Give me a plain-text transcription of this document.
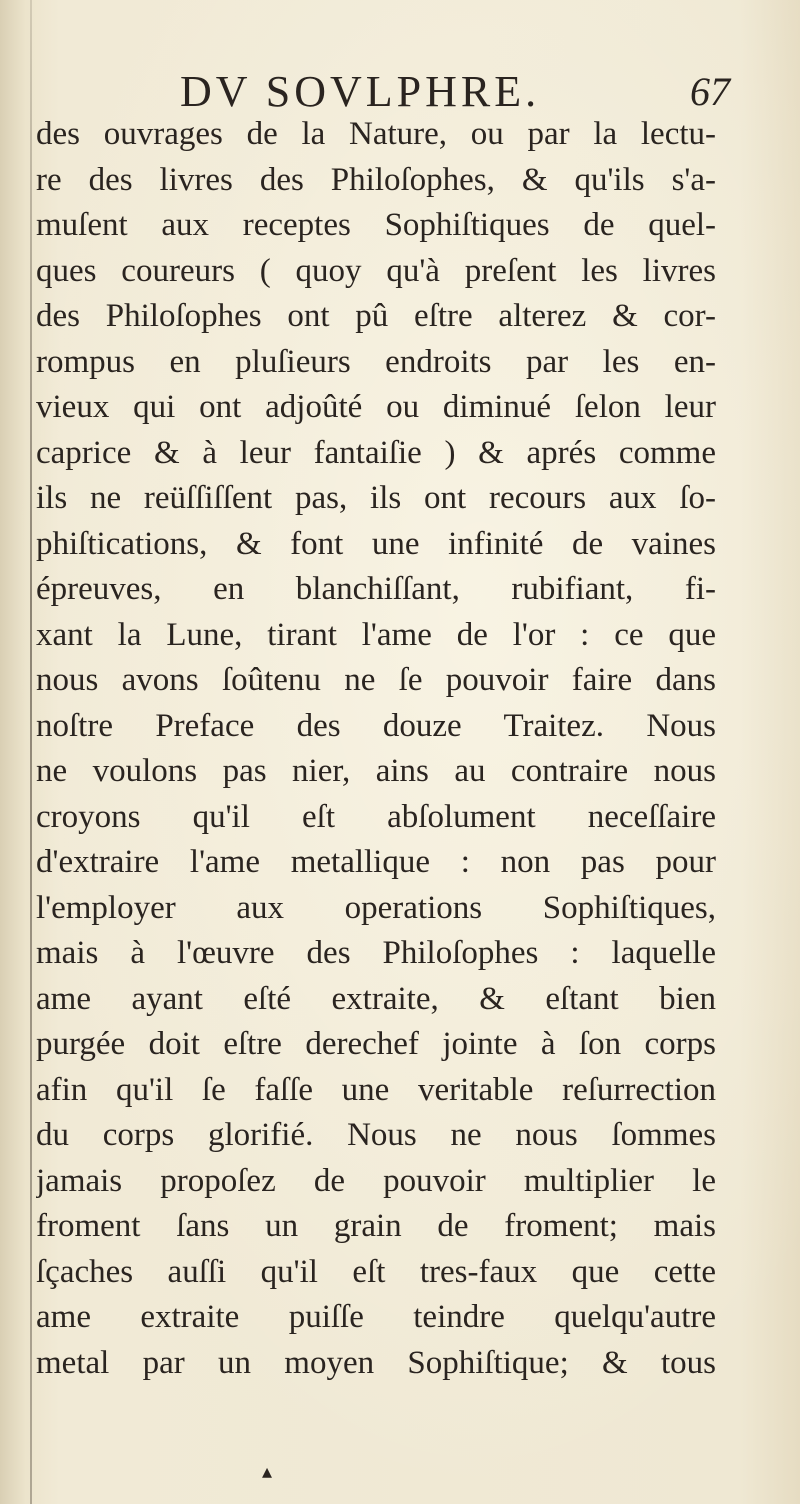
DV SOVLPHRE.	67
des ouvrages de la Nature, ou par la lectu-
re des livres des Philoſophes, & qu'ils s'a-
muſent aux receptes Sophiſtiques de quel-
ques coureurs ( quoy qu'à preſent les livres
des Philoſophes ont pû eſtre alterez & cor-
rompus en pluſieurs endroits par les en-
vieux qui ont adjoûté ou diminué ſelon leur
caprice & à leur fantaiſie ) & aprés comme
ils ne reüſſiſſent pas, ils ont recours aux ſo-
phiſtications, & font une infinité de vaines
épreuves, en blanchiſſant, rubifiant, fi-
xant la Lune, tirant l'ame de l'or : ce que
nous avons ſoûtenu ne ſe pouvoir faire dans
noſtre Preface des douze Traitez. Nous
ne voulons pas nier, ains au contraire nous
croyons qu'il eſt abſolument neceſſaire
d'extraire l'ame metallique : non pas pour
l'employer aux operations Sophiſtiques,
mais à l'œuvre des Philoſophes : laquelle
ame ayant eſté extraite, & eſtant bien
purgée doit eſtre derechef jointe à ſon corps
afin qu'il ſe faſſe une veritable reſurrection
du corps glorifié. Nous ne nous ſommes
jamais propoſez de pouvoir multiplier le
froment ſans un grain de froment; mais
ſçaches auſſi qu'il eſt tres-faux que cette
ame extraite puiſſe teindre quelqu'autre
metal par un moyen Sophiſtique; & tous
▴
